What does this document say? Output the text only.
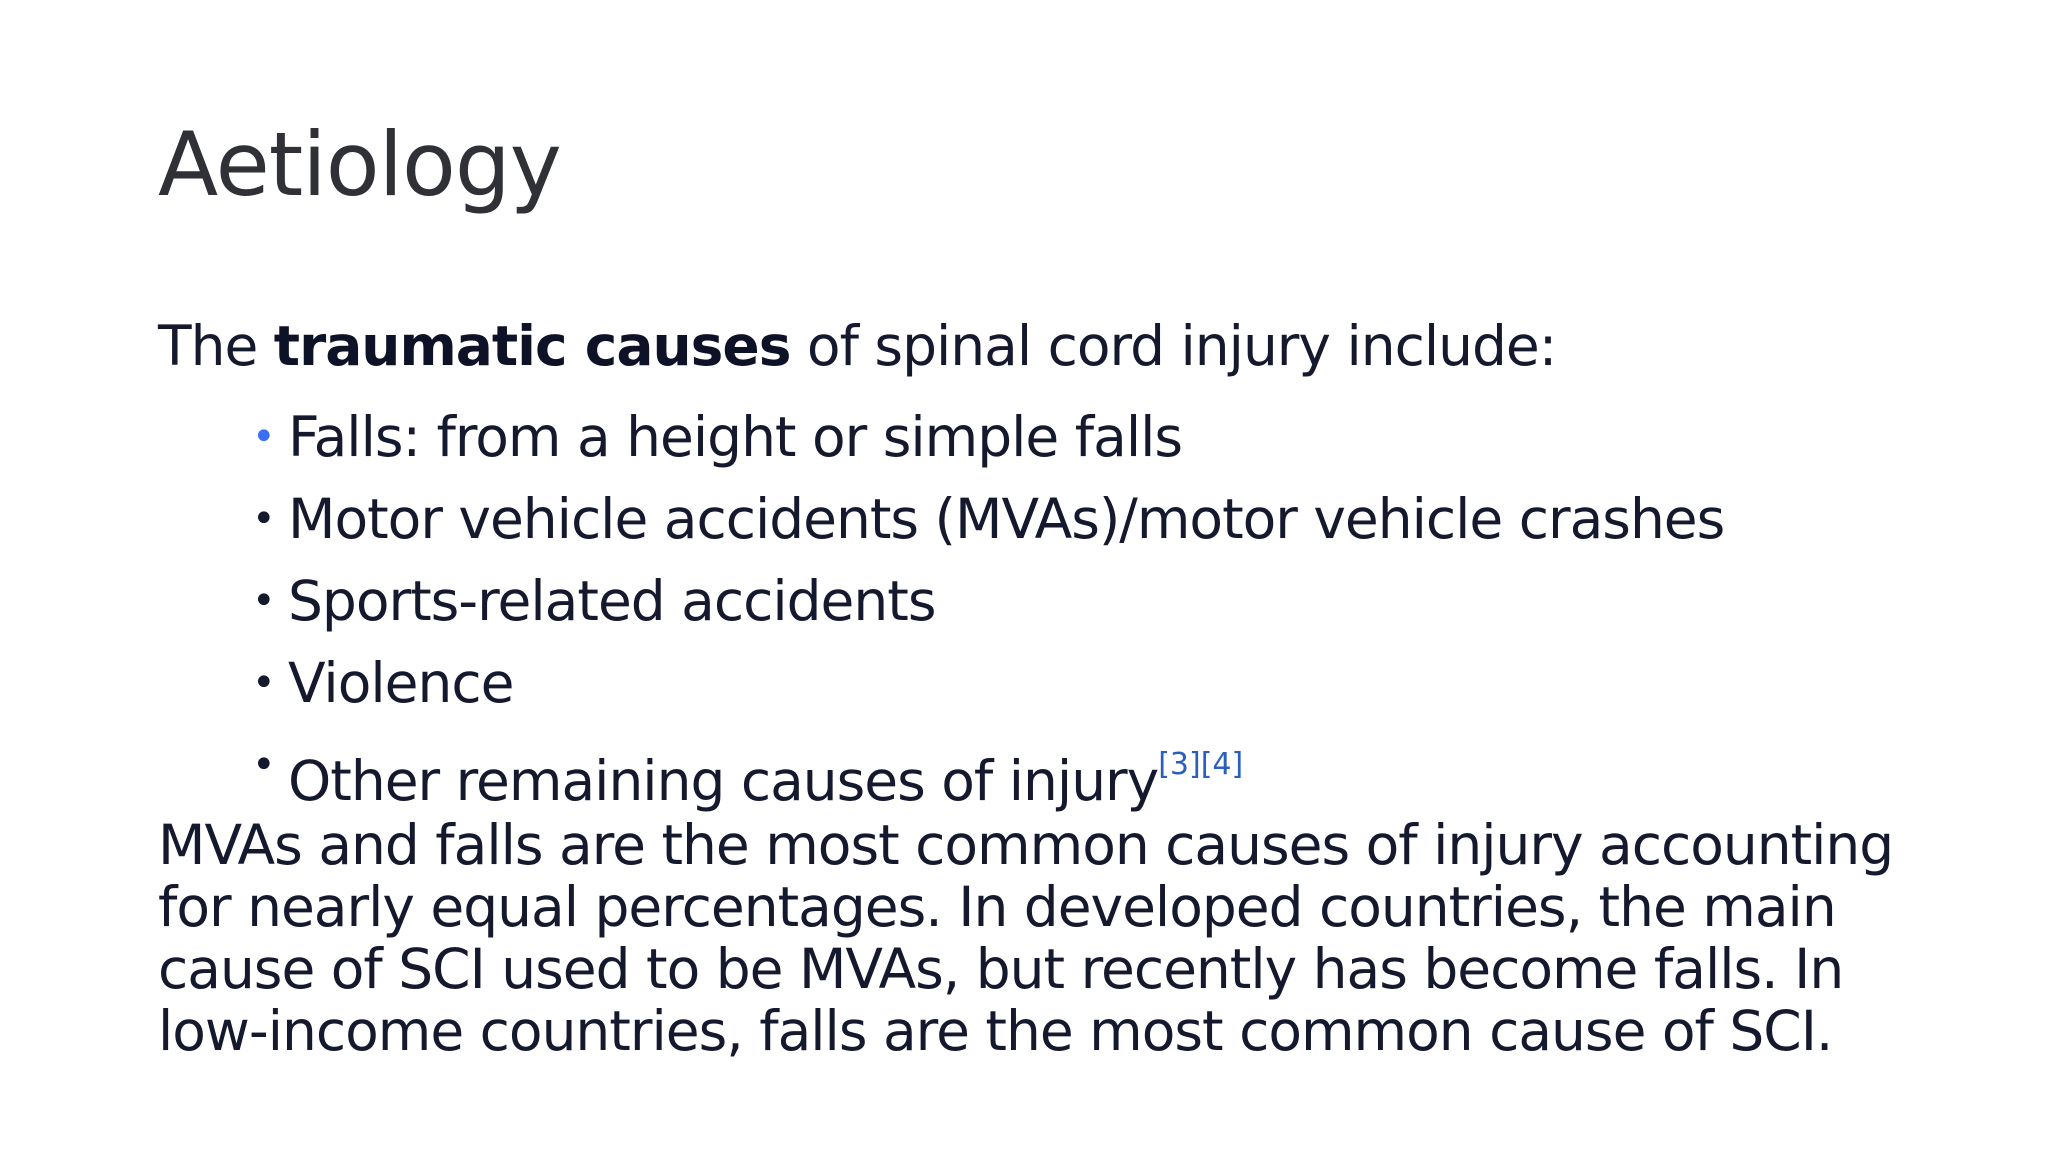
Aetiology

The traumatic causes of spinal cord injury include:

• Falls: from a height or simple falls
• Motor vehicle accidents (MVAs)/motor vehicle crashes
• Sports-related accidents
• Violence
• Other remaining causes of injury[3][4]

MVAs and falls are the most common causes of injury accounting
for nearly equal percentages. In developed countries, the main
cause of SCI used to be MVAs, but recently has become falls. In
low-income countries, falls are the most common cause of SCI.
